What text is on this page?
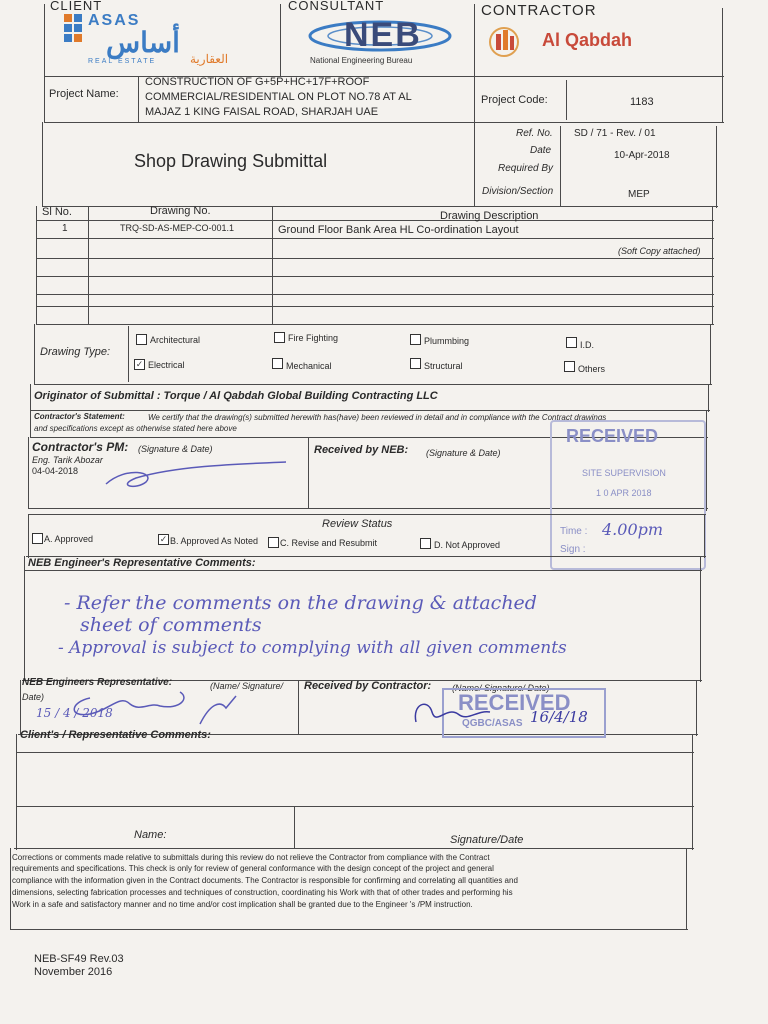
CLIENT
ASAS
أساس
REAL ESTATE	العقارية
CONSULTANT
NEB
National Engineering Bureau
CONTRACTOR
Al Qabdah
Project Name:
CONSTRUCTION OF G+5P+HC+17F+ROOF
COMMERCIAL/RESIDENTIAL ON PLOT NO.78 AT AL
MAJAZ 1 KING FAISAL ROAD, SHARJAH UAE
Project Code:	1183
Shop Drawing Submittal
Ref. No. SD / 71 - Rev. / 01
Date	10-Apr-2018
Required By
Division/Section	MEP
Sl No.	Drawing No.	Drawing Description
1	TRQ-SD-AS-MEP-CO-001.1	Ground Floor Bank Area HL Co-ordination Layout
(Soft Copy attached)
Drawing Type:
Architectural	Fire Fighting	Plummbing	I.D.
✓ Electrical	Mechanical	Structural	Others
Originator of Submittal : Torque / Al Qabdah Global Building Contracting LLC
Contractor's Statement:	We certify that the drawing(s) submitted herewith has(have) been reviewed in detail and in compliance with the Contract drawings
and specifications except as otherwise stated here above
Contractor's PM: (Signature & Date)
Eng. Tarik Abozar
04-04-2018
Received by NEB: (Signature & Date)
RECEIVED
SITE SUPERVISION
1 0 APR 2018
Time : 4.00pm
Sign :
Review Status
A. Approved	✓ B. Approved As Noted C. Revise and Resubmit	D. Not Approved
NEB Engineer's Representative Comments:
- Refer the comments on the drawing & attached
sheet of comments
- Approval is subject to complying with all given comments
NEB Engineers Representative:	(Name/ Signature/
Date)
15 / 4 / 2018
Received by Contractor: (Name/ Signature/ Date)
RECEIVED
QGBC/ASAS 16/4/18
Client's / Representative Comments:
Name:	Signature/Date
Corrections or comments made relative to submittals during this review do not relieve the Contractor from compliance with the Contract
requirements and specifications. This check is only for review of general conformance with the design concept of the project and general
compliance with the information given in the Contract documents. The Contractor is responsible for confirming and correlating all quantities and
dimensions, selecting fabrication processes and techniques of construction, coordinating his Work with that of other trades and performing his
Work in a safe and satisfactory manner and no time and/or cost implication shall be granted due to the Engineer 's /PM instruction.
NEB-SF49 Rev.03
November 2016
